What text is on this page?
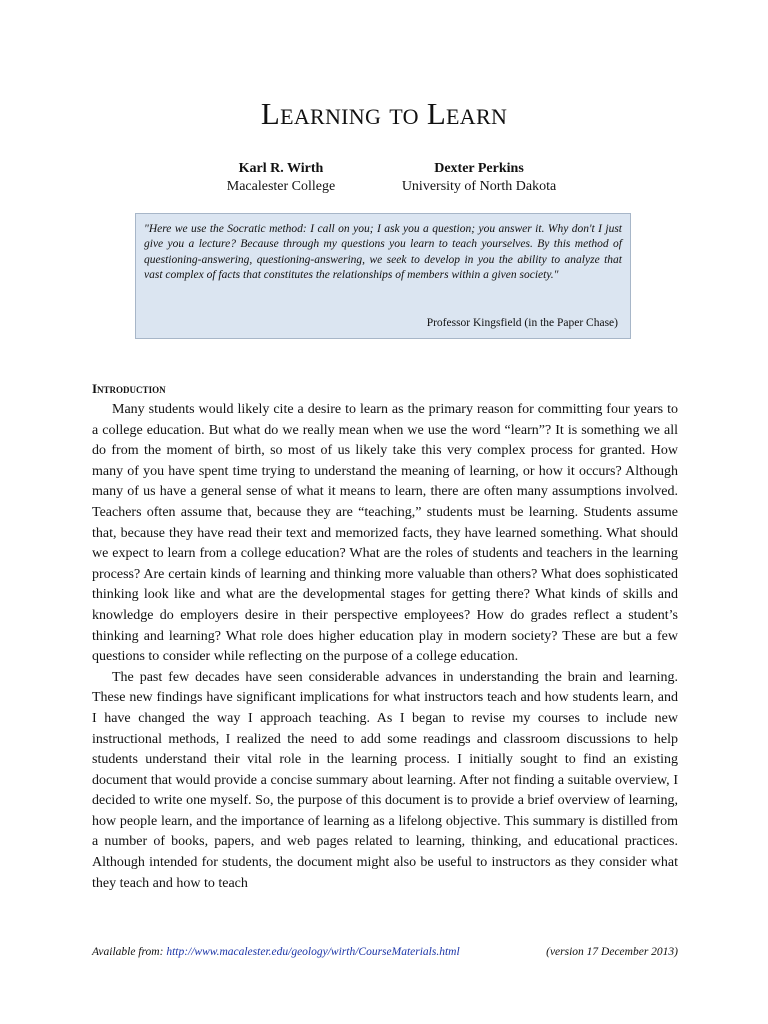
Learning to Learn
Karl R. Wirth
Macalester College
Dexter Perkins
University of North Dakota

"Here we use the Socratic method: I call on you; I ask you a question; you answer it. Why don't I just give you a lecture? Because through my questions you learn to teach yourselves. By this method of questioning-answering, questioning-answering, we seek to develop in you the ability to analyze that vast complex of facts that constitutes the relationships of members within a given society."

Professor Kingsfield (in the Paper Chase)
Introduction

Many students would likely cite a desire to learn as the primary reason for committing four years to a college education. But what do we really mean when we use the word “learn”? It is something we all do from the moment of birth, so most of us likely take this very complex process for granted. How many of you have spent time trying to understand the meaning of learning, or how it occurs? Although many of us have a general sense of what it means to learn, there are often many assumptions involved. Teachers often assume that, because they are “teaching,” students must be learning. Students assume that, because they have read their text and memorized facts, they have learned something. What should we expect to learn from a college education? What are the roles of students and teachers in the learning process? Are certain kinds of learning and thinking more valuable than others? What does sophisticated thinking look like and what are the developmental stages for getting there? What kinds of skills and knowledge do employers desire in their perspective employees? How do grades reflect a student’s thinking and learning? What role does higher education play in modern society? These are but a few questions to consider while reflecting on the purpose of a college education.

The past few decades have seen considerable advances in understanding the brain and learning. These new findings have significant implications for what instructors teach and how students learn, and I have changed the way I approach teaching. As I began to revise my courses to include new instructional methods, I realized the need to add some readings and classroom discussions to help students understand their vital role in the learning process. I initially sought to find an existing document that would provide a concise summary about learning. After not finding a suitable overview, I decided to write one myself. So, the purpose of this document is to provide a brief overview of learning, how people learn, and the importance of learning as a lifelong objective. This summary is distilled from a number of books, papers, and web pages related to learning, thinking, and educational practices. Although intended for students, the document might also be useful to instructors as they consider what they teach and how to teach

Available from: http://www.macalester.edu/geology/wirth/CourseMaterials.html	(version 17 December 2013)
